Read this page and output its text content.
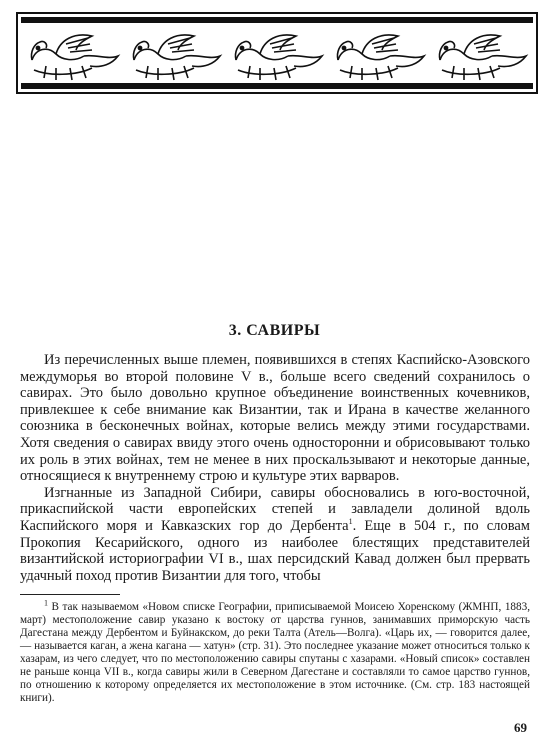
3. САВИРЫ

Из перечисленных выше племен, появившихся в степях Каспийско-Азовского междуморья во второй половине V в., больше всего сведений сохранилось о савирах. Это было довольно крупное объединение воинственных кочевников, привлекшее к себе внимание как Византии, так и Ирана в качестве желанного союзника в бесконечных войнах, которые велись между этими государствами. Хотя сведения о савирах ввиду этого очень односторонни и обрисовывают только их роль в этих войнах, тем не менее в них проскальзывают и некоторые данные, относящиеся к внутреннему строю и культуре этих варваров.

Изгнанные из Западной Сибири, савиры обосновались в юго-восточной, прикаспийской части европейских степей и завладели долиной вдоль Каспийского моря и Кавказских гор до Дербента$^1$. Еще в 504 г., по словам Прокопия Кесарийского, одного из наиболее блестящих представителей византийской историографии VI в., шах персидский Кавад должен был прервать удачный поход против Византии для того, чтобы

$^1$ В так называемом «Новом списке Географии, приписываемой Моисею Хоренскому (ЖМНП, 1883, март) местоположение савир указано к востоку от царства гуннов, занимавших приморскую часть Дагестана между Дербентом и Буйнакском, до реки Талта (Атель—Волга). «Царь их, — говорится далее, — называется каган, а жена кагана — хатун» (стр. 31). Это последнее указание может относиться только к хазарам, из чего следует, что по местоположению савиры спутаны с хазарами. «Новый список» составлен не раньше конца VII в., когда савиры жили в Северном Дагестане и составляли то самое царство гуннов, по отношению к которому определяется их местоположение в этом источнике. (См. стр. 183 настоящей книги).

69
